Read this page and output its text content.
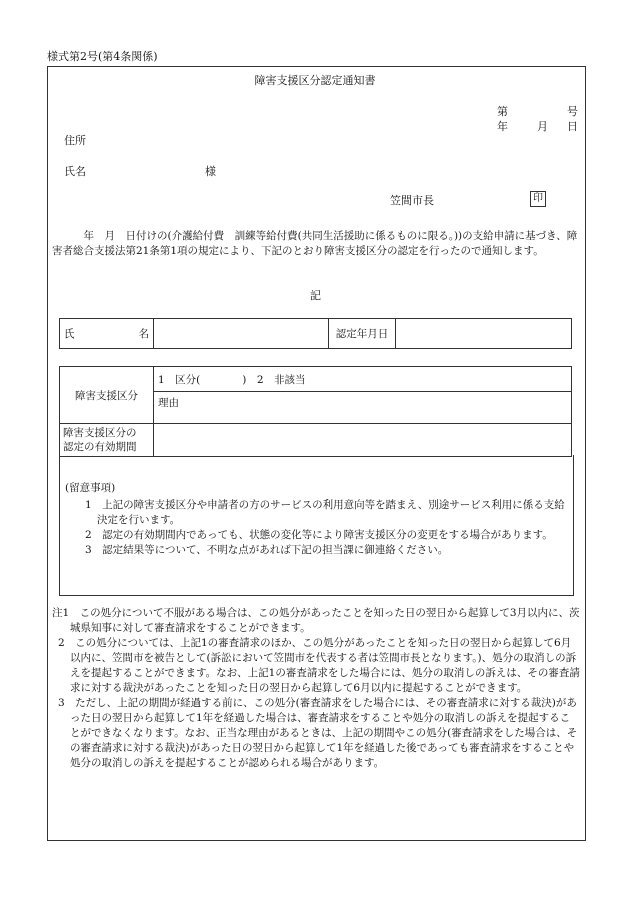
様式第2号(第4条関係)
障害支援区分認定通知書
第	号
年	月 日
住所
氏名	様
笠間市長	印
年　月　日付けの(介護給付費　訓練等給付費(共同生活援助に係るものに限る。))の支給申請に基づき、障害者総合支援法第21条第1項の規定により、下記のとおり障害支援区分の認定を行ったので通知します。
記
氏	名		認定年月日	
障害支援区分	1　区分(　　　　)　2　非該当
	理由

障害支援区分の
認定の有効期間	

(留意事項)
1　上記の障害支援区分や申請者の方のサービスの利用意向等を踏まえ、別途サービス利用に係る支給決定を行います。
2　認定の有効期間内であっても、状態の変化等により障害支援区分の変更をする場合があります。
3　認定結果等について、不明な点があれば下記の担当課に御連絡ください。
注1　この処分について不服がある場合は、この処分があったことを知った日の翌日から起算して3月以内に、茨城県知事に対して審査請求をすることができます。
2　この処分については、上記1の審査請求のほか、この処分があったことを知った日の翌日から起算して6月以内に、笠間市を被告として(訴訟において笠間市を代表する者は笠間市長となります。)、処分の取消しの訴えを提起することができます。なお、上記1の審査請求をした場合には、処分の取消しの訴えは、その審査請求に対する裁決があったことを知った日の翌日から起算して6月以内に提起することができます。
3　ただし、上記の期間が経過する前に、この処分(審査請求をした場合には、その審査請求に対する裁決)があった日の翌日から起算して1年を経過した場合は、審査請求をすることや処分の取消しの訴えを提起することができなくなります。なお、正当な理由があるときは、上記の期間やこの処分(審査請求をした場合は、その審査請求に対する裁決)があった日の翌日から起算して1年を経過した後であっても審査請求をすることや処分の取消しの訴えを提起することが認められる場合があります。
